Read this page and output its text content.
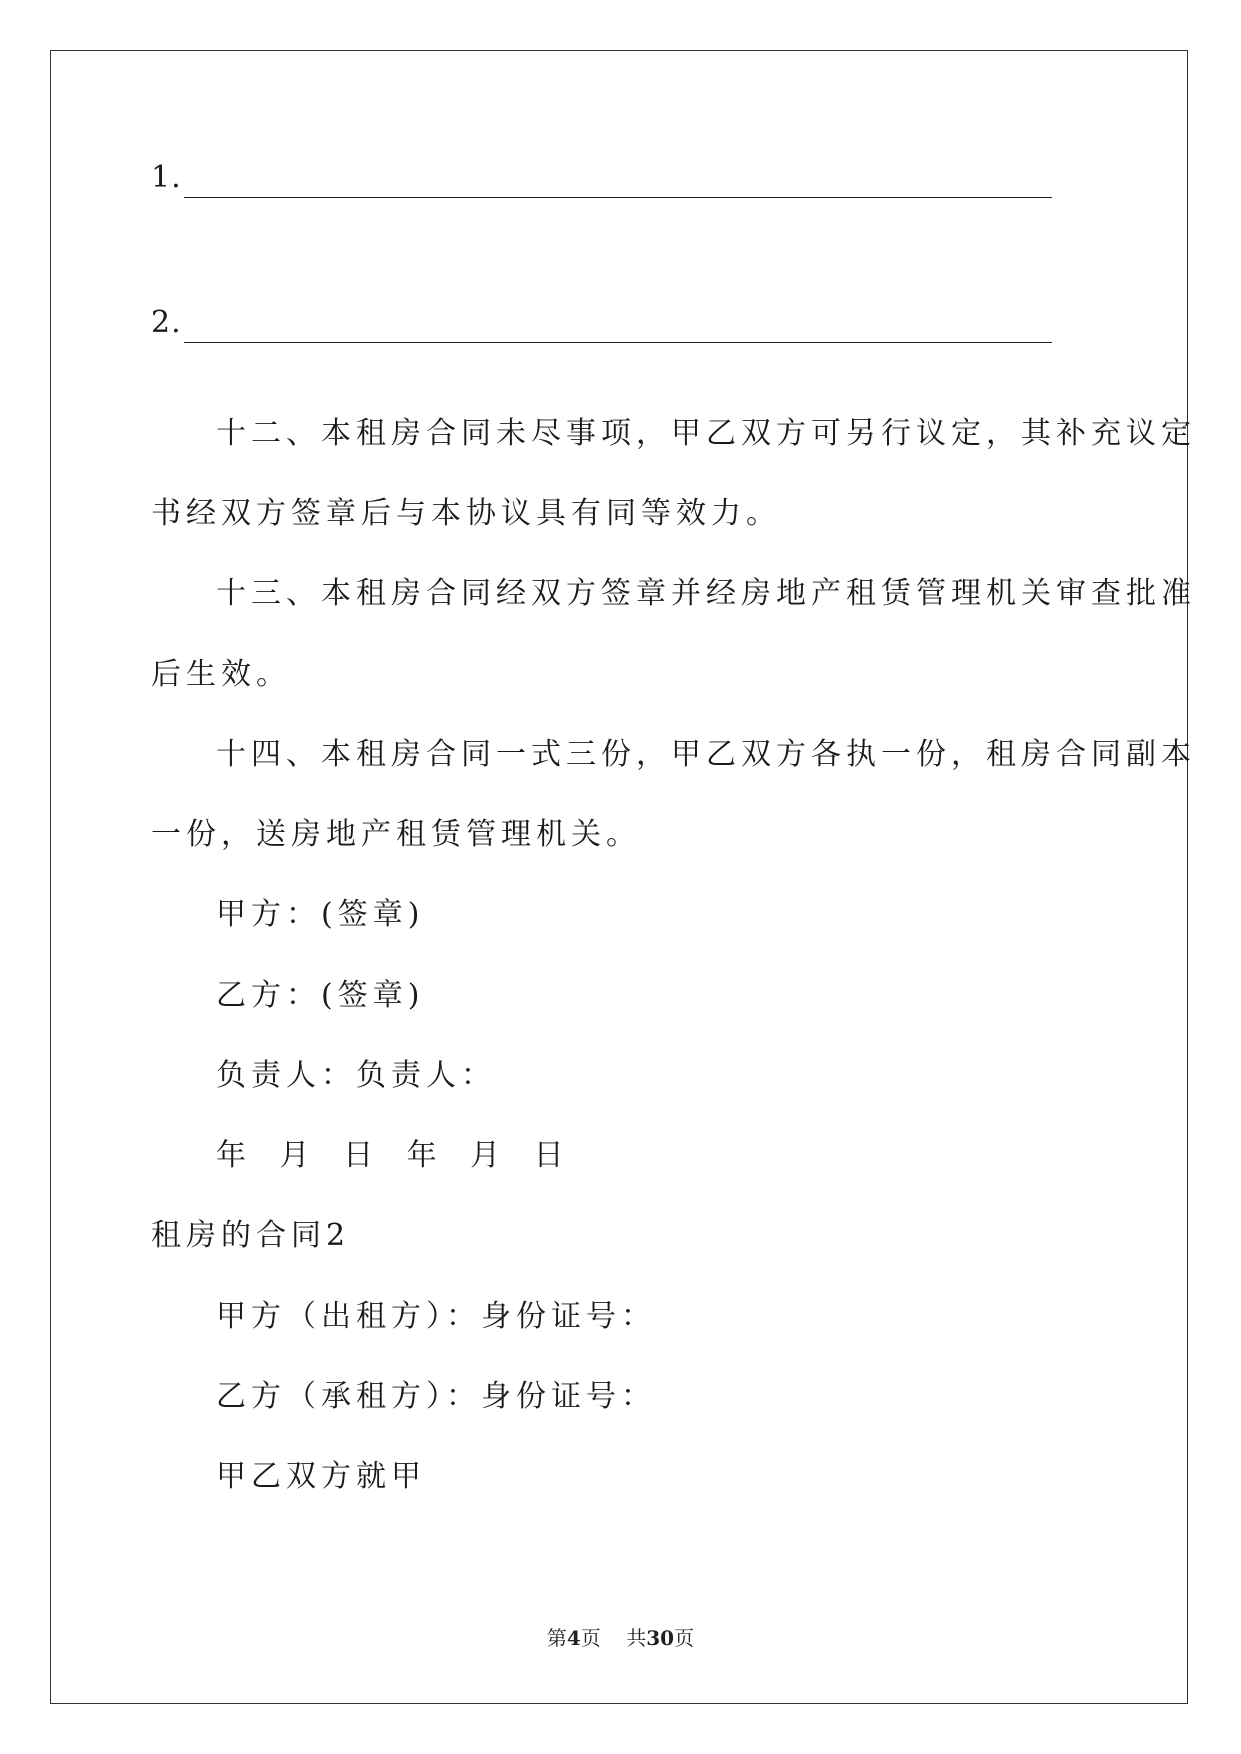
1.
2.
十二、本租房合同未尽事项，甲乙双方可另行议定，其补充议定
书经双方签章后与本协议具有同等效力。
十三、本租房合同经双方签章并经房地产租赁管理机关审查批准
后生效。
十四、本租房合同一式三份，甲乙双方各执一份，租房合同副本
一份，送房地产租赁管理机关。
甲方：(签章)
乙方：(签章)
负责人：负责人：
年 月 日 年 月 日
租房的合同2
甲方（出租方）：身份证号：
乙方（承租方）：身份证号：
甲乙双方就甲
第4页 共30页
